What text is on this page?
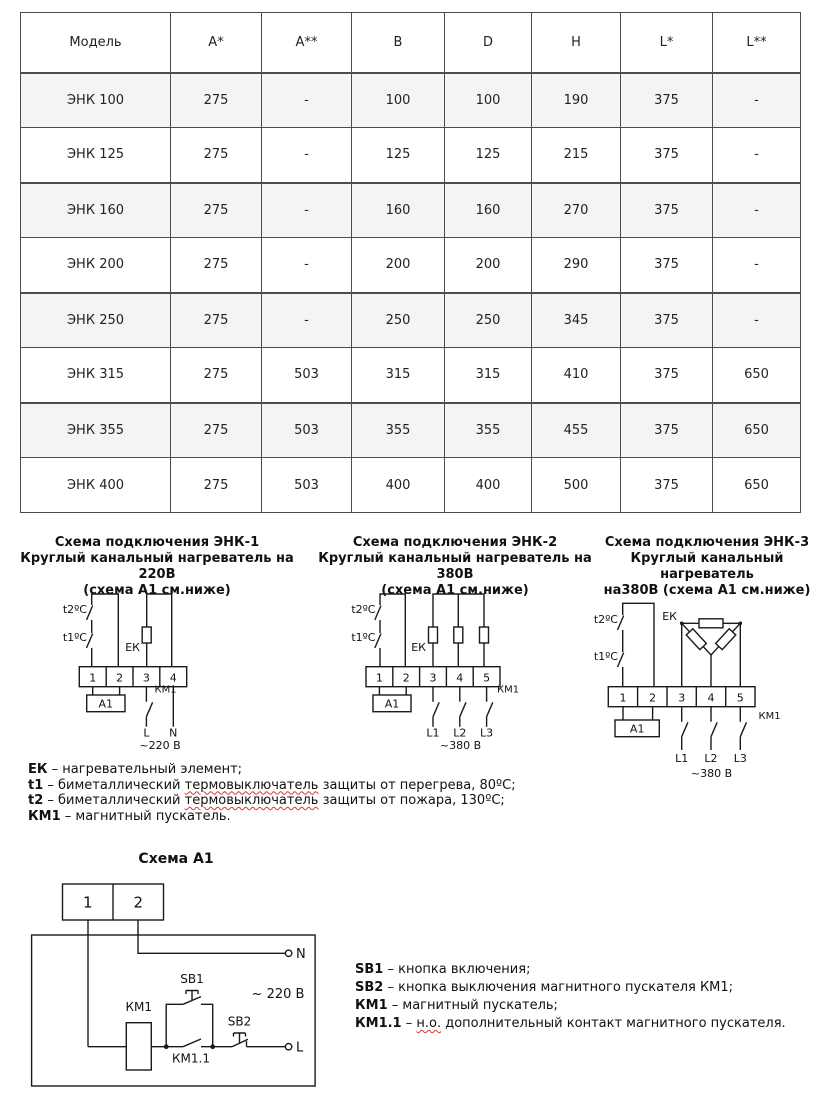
Модель	A*	A**	B	D	H	L*	L**
ЭНК 100	275	-	100	100	190	375	-
ЭНК 125	275	-	125	125	215	375	-
ЭНК 160	275	-	160	160	270	375	-
ЭНК 200	275	-	200	200	290	375	-
ЭНК 250	275	-	250	250	345	375	-
ЭНК 315	275	503	315	315	410	375	650
ЭНК 355	275	503	355	355	455	375	650
ЭНК 400	275	503	400	400	500	375	650
Схема подключения ЭНК-1
Круглый канальный нагреватель на 220В
(схема А1 см.ниже)
Схема подключения ЭНК-2
Круглый канальный нагреватель на 380В
(схема А1 см.ниже)
Схема подключения ЭНК-3
Круглый канальный нагреватель
на380В (схема А1 см.ниже)
t2ºC
t1ºC
ЕК
1 2 3 4
А1
КМ1
L N
~220 В
t2ºC
t1ºC
ЕК
1 2 3 4 5
А1
КМ1
L1 L2 L3
~380 В
t2ºC
t1ºC
ЕК
1 2 3 4 5
А1
КМ1
L1 L2 L3
~380 В
ЕК – нагревательный элемент;
t1 – биметаллический термовыключатель защиты от перегрева, 80ºС;
t2 – биметаллический термовыключатель защиты от пожара, 130ºС;
КМ1 – магнитный пускатель.
Схема А1
1	2
N
L
КМ1
SB1
SB2
КМ1.1
~ 220 В
SB1 – кнопка включения;
SB2 – кнопка выключения магнитного пускателя КМ1;
КМ1 – магнитный пускатель;
КМ1.1 – н.о. дополнительный контакт магнитного пускателя.
